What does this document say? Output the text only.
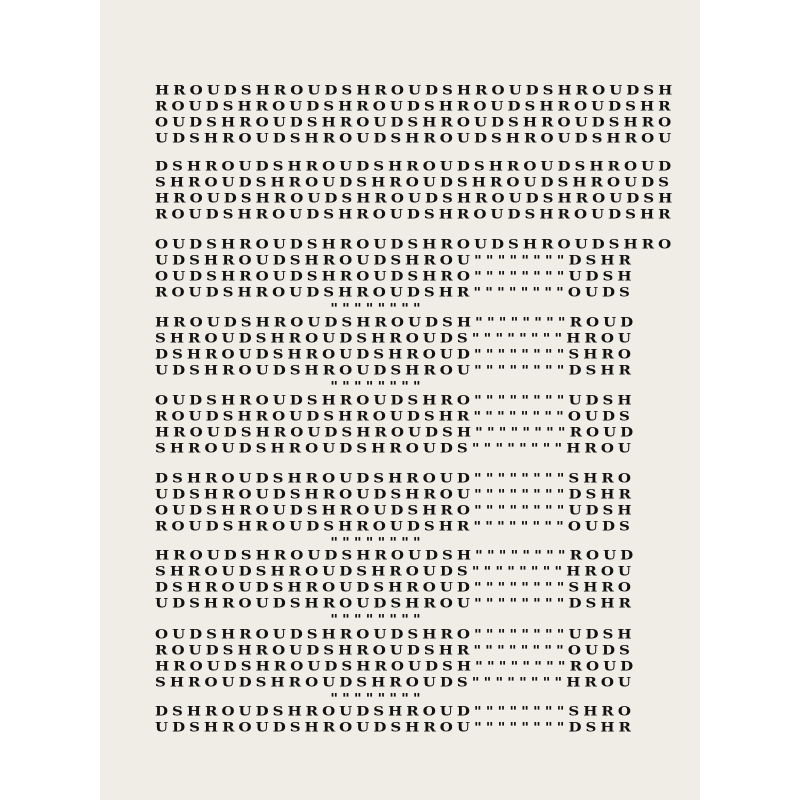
HROUDSHROUDSHROUDSHROUDSHROUDSH
ROUDSHROUDSHROUDSHROUDSHROUDSHR
OUDSHROUDSHROUDSHROUDSHROUDSHRO
UDSHROUDSHROUDSHROUDSHROUDSHROU
DSHROUDSHROUDSHROUDSHROUDSHROUD
SHROUDSHROUDSHROUDSHROUDSHROUDS
HROUDSHROUDSHROUDSHROUDSHROUDSH
ROUDSHROUDSHROUDSHROUDSHROUDSHR
OUDSHROUDSHROUDSHROUDSHROUDSHRO
UDSHROUDSHROUDSHROU""""""""DSHR
OUDSHROUDSHROUDSHRO""""""""UDSH
ROUDSHROUDSHROUDSHR""""""""OUDS
""""""""
HROUDSHROUDSHROUDSH""""""""ROUD
SHROUDSHROUDSHROUDS""""""""HROU
DSHROUDSHROUDSHROUD""""""""SHRO
UDSHROUDSHROUDSHROU""""""""DSHR
""""""""
OUDSHROUDSHROUDSHRO""""""""UDSH
ROUDSHROUDSHROUDSHR""""""""OUDS
HROUDSHROUDSHROUDSH""""""""ROUD
SHROUDSHROUDSHROUDS""""""""HROU
DSHROUDSHROUDSHROUD""""""""SHRO
UDSHROUDSHROUDSHROU""""""""DSHR
OUDSHROUDSHROUDSHRO""""""""UDSH
ROUDSHROUDSHROUDSHR""""""""OUDS
""""""""
HROUDSHROUDSHROUDSH""""""""ROUD
SHROUDSHROUDSHROUDS""""""""HROU
DSHROUDSHROUDSHROUD""""""""SHRO
UDSHROUDSHROUDSHROU""""""""DSHR
""""""""
OUDSHROUDSHROUDSHRO""""""""UDSH
ROUDSHROUDSHROUDSHR""""""""OUDS
HROUDSHROUDSHROUDSH""""""""ROUD
SHROUDSHROUDSHROUDS""""""""HROU
""""""""
DSHROUDSHROUDSHROUD""""""""SHRO
UDSHROUDSHROUDSHROU""""""""DSHR
